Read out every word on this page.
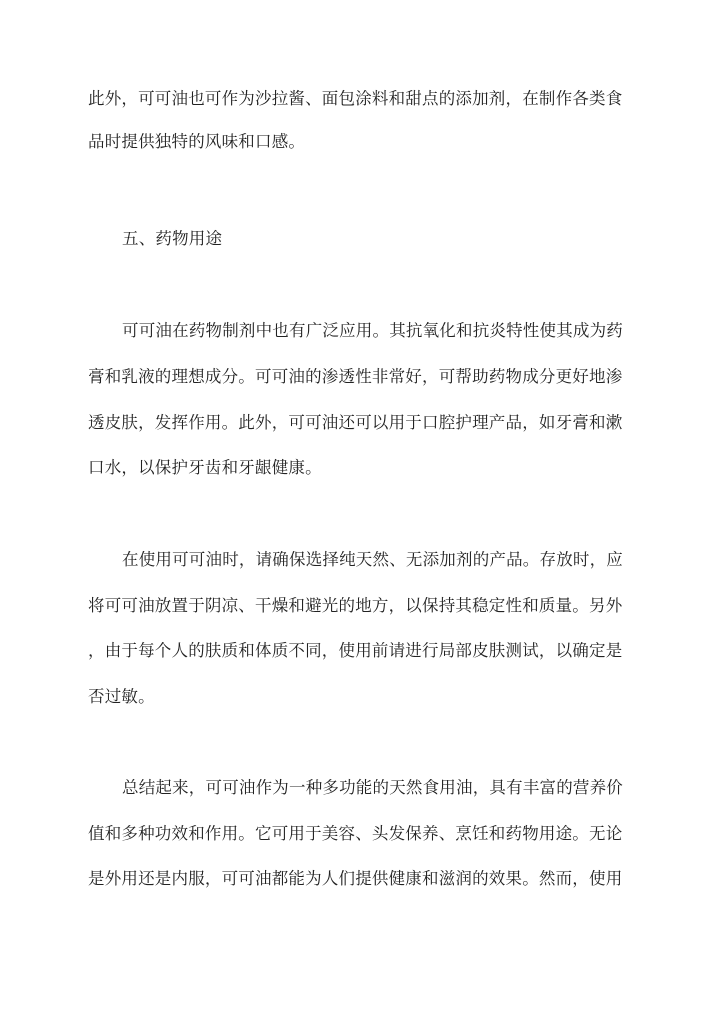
此外，可可油也可作为沙拉酱、面包涂料和甜点的添加剂，在制作各类食
品时提供独特的风味和口感。
五、药物用途
可可油在药物制剂中也有广泛应用。其抗氧化和抗炎特性使其成为药
膏和乳液的理想成分。可可油的渗透性非常好，可帮助药物成分更好地渗
透皮肤，发挥作用。此外，可可油还可以用于口腔护理产品，如牙膏和漱
口水，以保护牙齿和牙龈健康。
在使用可可油时，请确保选择纯天然、无添加剂的产品。存放时，应
将可可油放置于阴凉、干燥和避光的地方，以保持其稳定性和质量。另外
，由于每个人的肤质和体质不同，使用前请进行局部皮肤测试，以确定是
否过敏。
总结起来，可可油作为一种多功能的天然食用油，具有丰富的营养价
值和多种功效和作用。它可用于美容、头发保养、烹饪和药物用途。无论
是外用还是内服，可可油都能为人们提供健康和滋润的效果。然而，使用
